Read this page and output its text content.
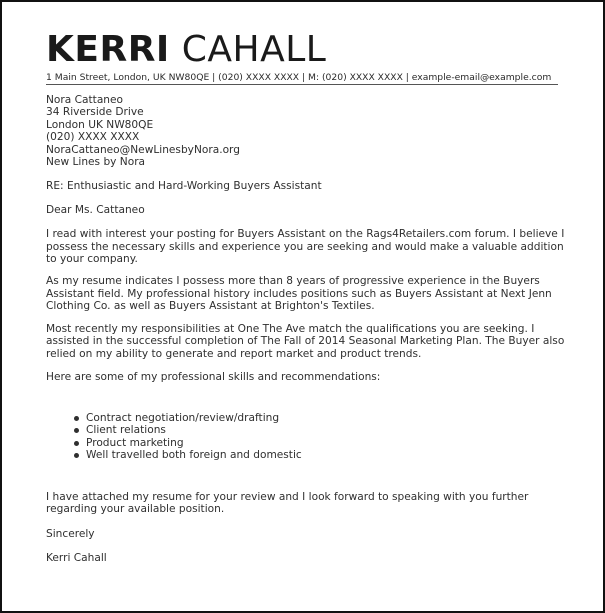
KERRI CAHALL
1 Main Street, London, UK NW80QE | (020) XXXX XXXX | M: (020) XXXX XXXX | example-email@example.com
Nora Cattaneo
34 Riverside Drive
London UK NW80QE
(020) XXXX XXXX
NoraCattaneo@NewLinesbyNora.org
New Lines by Nora

RE: Enthusiastic and Hard-Working Buyers Assistant

Dear Ms. Cattaneo

I read with interest your posting for Buyers Assistant on the Rags4Retailers.com forum. I believe I possess the necessary skills and experience you are seeking and would make a valuable addition to your company.

As my resume indicates I possess more than 8 years of progressive experience in the Buyers Assistant field. My professional history includes positions such as Buyers Assistant at Next Jenn Clothing Co. as well as Buyers Assistant at Brighton's Textiles.

Most recently my responsibilities at One The Ave match the qualifications you are seeking. I assisted in the successful completion of The Fall of 2014 Seasonal Marketing Plan. The Buyer also relied on my ability to generate and report market and product trends.

Here are some of my professional skills and recommendations:

Contract negotiation/review/drafting
Client relations
Product marketing
Well travelled both foreign and domestic

I have attached my resume for your review and I look forward to speaking with you further regarding your available position.

Sincerely

Kerri Cahall
